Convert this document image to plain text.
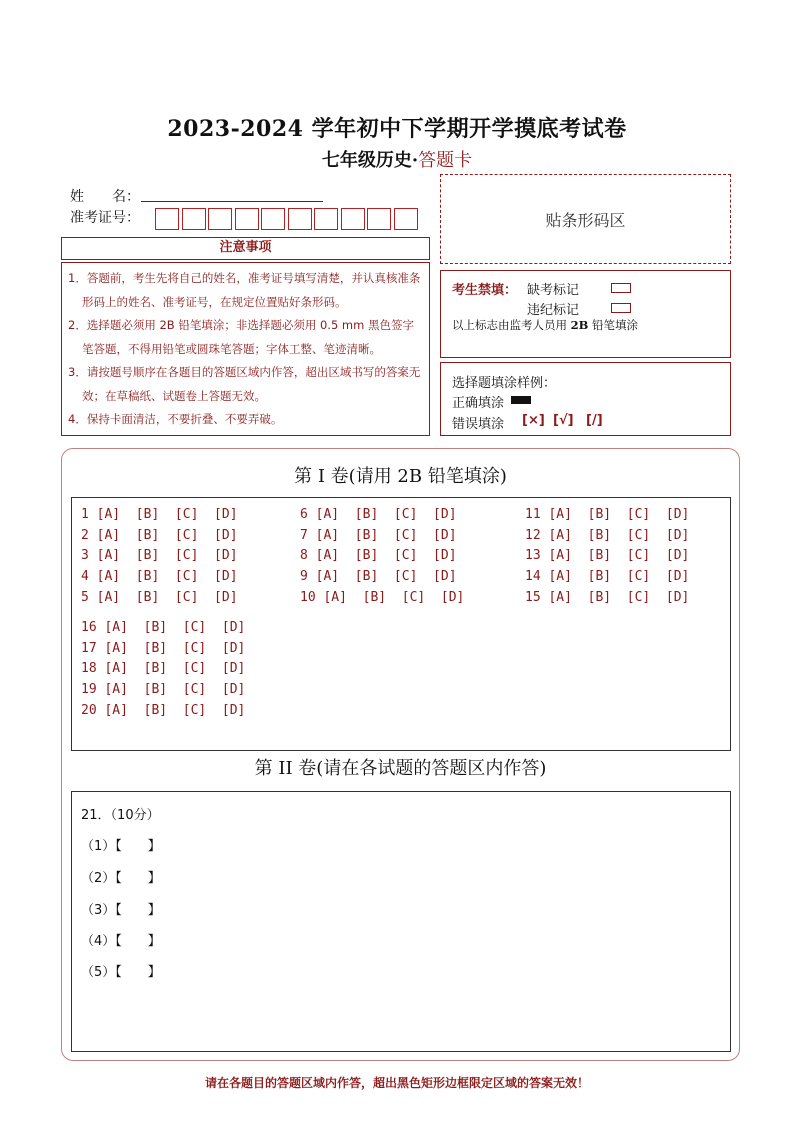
2023-2024 学年初中下学期开学摸底考试卷
七年级历史·答题卡
姓　　名：
准考证号：	贴条形码区
注意事项

1．答题前，考生先将自己的姓名，准考证号填写清楚，并认真核准条形码上的姓名、准考证号，在规定位置贴好条形码。

2．选择题必须用 2B 铅笔填涂；非选择题必须用 0.5 mm 黑色签字笔答题，不得用铅笔或圆珠笔答题；字体工整、笔迹清晰。

3．请按题号顺序在各题目的答题区域内作答，超出区域书写的答案无效；在草稿纸、试题卷上答题无效。

4．保持卡面清洁，不要折叠、不要弄破。

考生禁填： 缺考标记
违纪标记
以上标志由监考人员用 2B 铅笔填涂
选择题填涂样例：
正确填涂
错误填涂 [×] [√] [/]
第 I 卷(请用 2B 铅笔填涂)
1 [A]  [B]  [C]  [D]
2 [A]  [B]  [C]  [D]
3 [A]  [B]  [C]  [D]
4 [A]  [B]  [C]  [D]
5 [A]  [B]  [C]  [D]
6 [A]  [B]  [C]  [D]
7 [A]  [B]  [C]  [D]
8 [A]  [B]  [C]  [D]
9 [A]  [B]  [C]  [D]
10 [A]  [B]  [C]  [D]
11 [A]  [B]  [C]  [D]
12 [A]  [B]  [C]  [D]
13 [A]  [B]  [C]  [D]
14 [A]  [B]  [C]  [D]
15 [A]  [B]  [C]  [D]
16 [A]  [B]  [C]  [D]
17 [A]  [B]  [C]  [D]
18 [A]  [B]  [C]  [D]
19 [A]  [B]  [C]  [D]
20 [A]  [B]  [C]  [D]
第 II 卷(请在各试题的答题区内作答)
21．（10分）
（1）【　　】
（2）【　　】
（3）【　　】
（4）【　　】
（5）【　　】
请在各题目的答题区域内作答，超出黑色矩形边框限定区域的答案无效！
